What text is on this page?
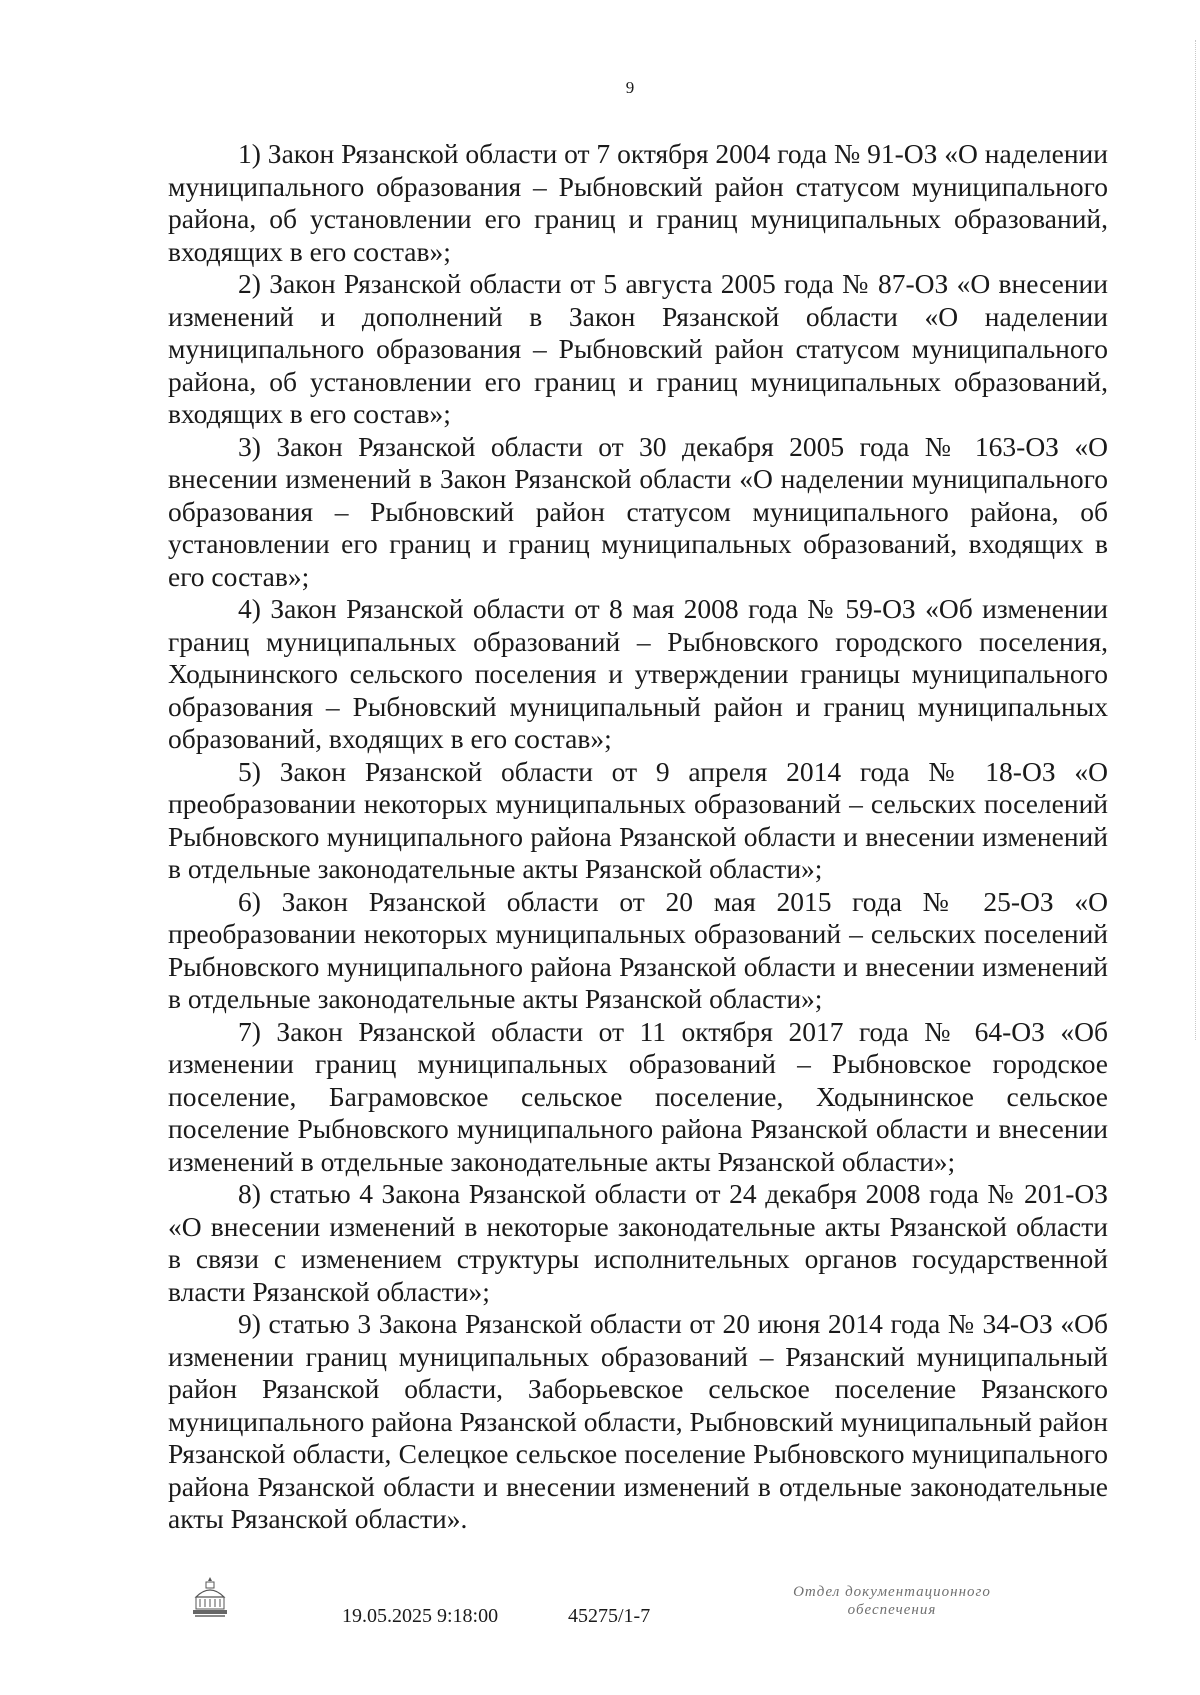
9

1) Закон Рязанской области от 7 октября 2004 года № 91-ОЗ «О наделении муниципального образования – Рыбновский район статусом муниципального района, об установлении его границ и границ муниципальных образований, входящих в его состав»;

2) Закон Рязанской области от 5 августа 2005 года № 87-ОЗ «О внесении изменений и дополнений в Закон Рязанской области «О наделении муниципального образования – Рыбновский район статусом муниципального района, об установлении его границ и границ муниципальных образований, входящих в его состав»;

3) Закон Рязанской области от 30 декабря 2005 года № 163-ОЗ «О внесении изменений в Закон Рязанской области «О наделении муниципального образования – Рыбновский район статусом муниципального района, об установлении его границ и границ муниципальных образований, входящих в его состав»;

4) Закон Рязанской области от 8 мая 2008 года № 59-ОЗ «Об изменении границ муниципальных образований – Рыбновского городского поселения, Ходынинского сельского поселения и утверждении границы муниципального образования – Рыбновский муниципальный район и границ муниципальных образований, входящих в его состав»;

5) Закон Рязанской области от 9 апреля 2014 года № 18-ОЗ «О преобразовании некоторых муниципальных образований – сельских поселений Рыбновского муниципального района Рязанской области и внесении изменений в отдельные законодательные акты Рязанской области»;

6) Закон Рязанской области от 20 мая 2015 года № 25-ОЗ «О преобразовании некоторых муниципальных образований – сельских поселений Рыбновского муниципального района Рязанской области и внесении изменений в отдельные законодательные акты Рязанской области»;

7) Закон Рязанской области от 11 октября 2017 года № 64-ОЗ «Об изменении границ муниципальных образований – Рыбновское городское поселение, Баграмовское сельское поселение, Ходынинское сельское поселение Рыбновского муниципального района Рязанской области и внесении изменений в отдельные законодательные акты Рязанской области»;

8) статью 4 Закона Рязанской области от 24 декабря 2008 года № 201-ОЗ «О внесении изменений в некоторые законодательные акты Рязанской области в связи с изменением структуры исполнительных органов государственной власти Рязанской области»;

9) статью 3 Закона Рязанской области от 20 июня 2014 года № 34-ОЗ «Об изменении границ муниципальных образований – Рязанский муниципальный район Рязанской области, Заборьевское сельское поселение Рязанского муниципального района Рязанской области, Рыбновский муниципальный район Рязанской области, Селецкое сельское поселение Рыбновского муниципального района Рязанской области и внесении изменений в отдельные законодательные акты Рязанской области».

19.05.2025 9:18:00	45275/1-7
Отдел документационного
обеспечения
